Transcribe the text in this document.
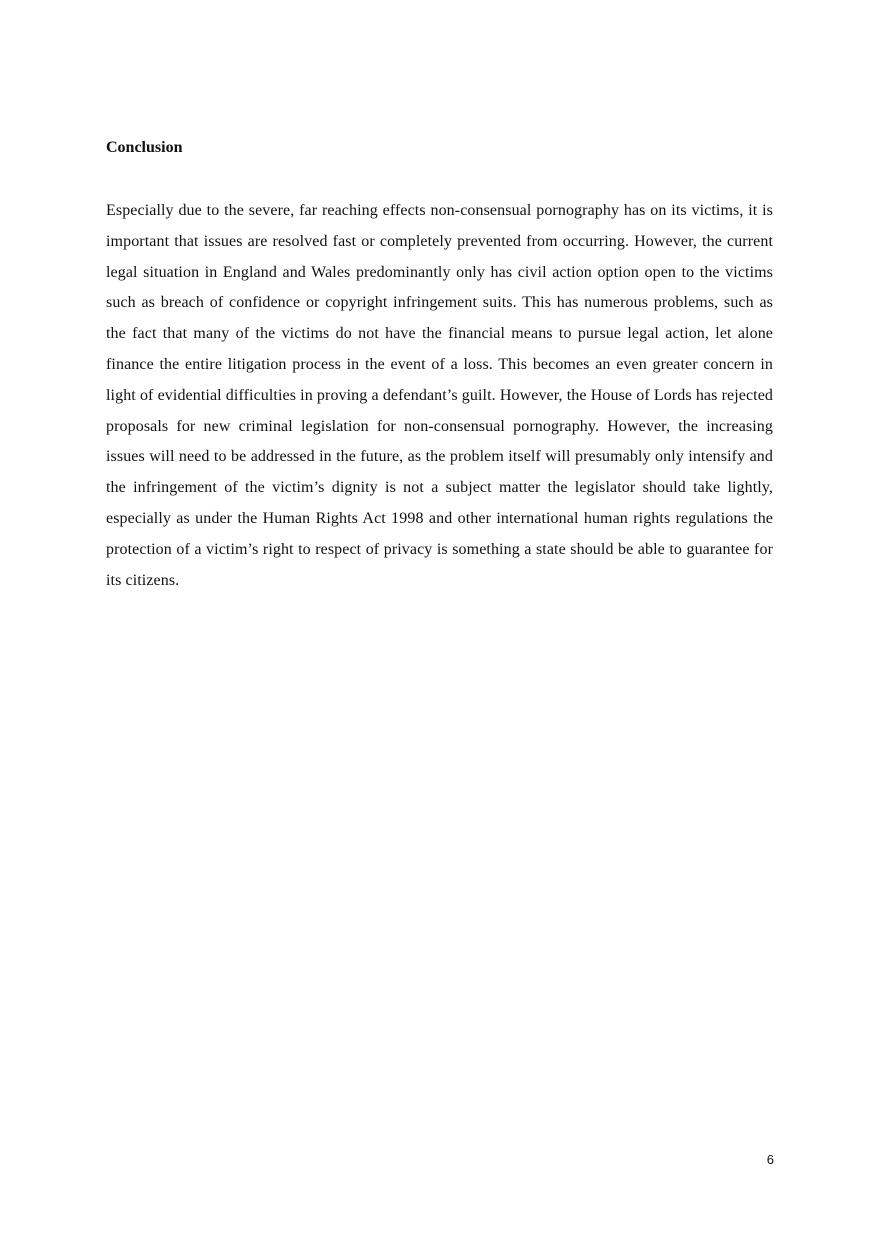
Conclusion

Especially due to the severe, far reaching effects non-consensual pornography has on its victims, it is important that issues are resolved fast or completely prevented from occurring. However, the current legal situation in England and Wales predominantly only has civil action option open to the victims such as breach of confidence or copyright infringement suits. This has numerous problems, such as the fact that many of the victims do not have the financial means to pursue legal action, let alone finance the entire litigation process in the event of a loss. This becomes an even greater concern in light of evidential difficulties in proving a defendant’s guilt. However, the House of Lords has rejected proposals for new criminal legislation for non-consensual pornography. However, the increasing issues will need to be addressed in the future, as the problem itself will presumably only intensify and the infringement of the victim’s dignity is not a subject matter the legislator should take lightly, especially as under the Human Rights Act 1998 and other international human rights regulations the protection of a victim’s right to respect of privacy is something a state should be able to guarantee for its citizens.

6
